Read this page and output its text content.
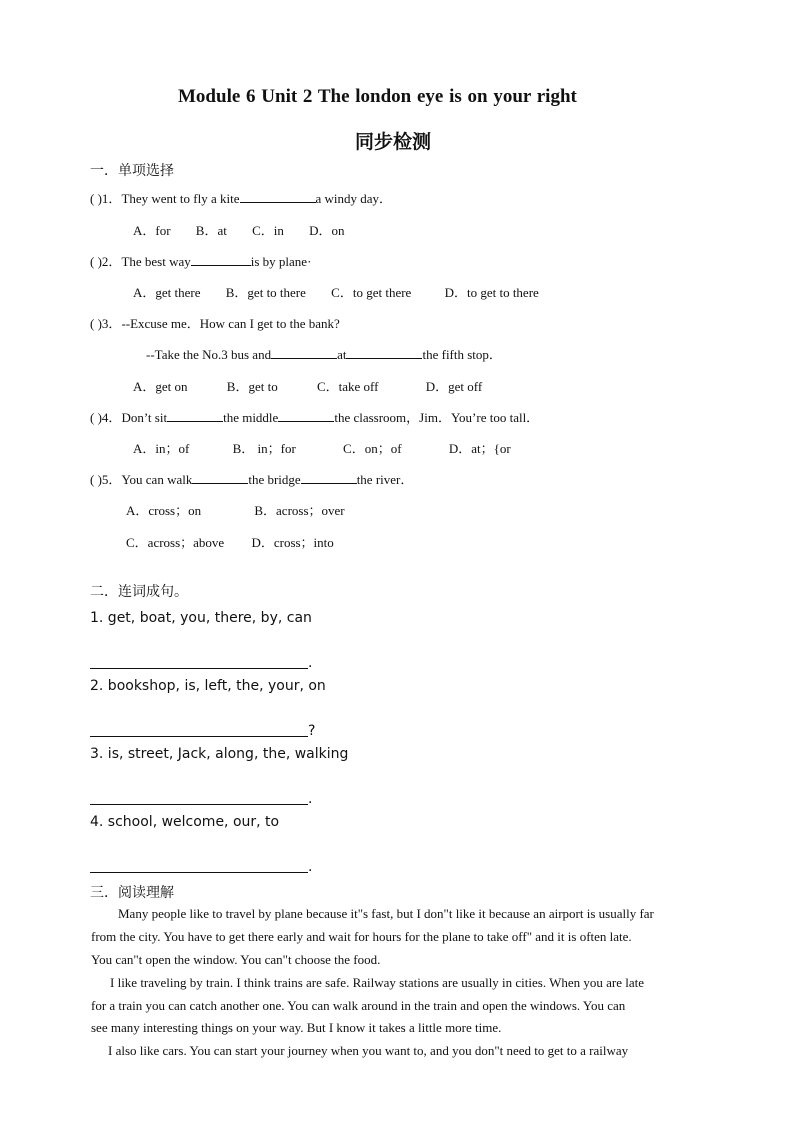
Module 6 Unit 2 The london eye is on your right
同步检测
一．单项选择
( )1．They went to fly a kite	a windy day．
A．for B．at C．in D．on
( )2．The best way	is by plane·
A．get there B．get to there C．to get there	D．to get to there
( )3．--Excuse me．How can I get to the bank?
--Take the No.3 bus and	at	the fifth stop．
A．get on	B．get to	C．take off	D．get off
( )4．Don’t sit	the middle	the classroom，Jim．You’re too tall．
A．in；of	B． in；for	C．on；of	D．at；{or
( )5．You can walk	the bridge	the river．
A．cross；on	B．across；over
C．across；above D．cross；into
二．连词成句。
1. get, boat, you, there, by, can
.
2. bookshop, is, left, the, your, on
?
3. is, street, Jack, along, the, walking
.
4. school, welcome, our, to
.
三．阅读理解
Many people like to travel by plane because it"s fast, but I don"t like it because an airport is usually far
from the city. You have to get there early and wait for hours for the plane to take off" and it is often late.
You can"t open the window. You can"t choose the food.
I like traveling by train. I think trains are safe. Railway stations are usually in cities. When you are late
for a train you can catch another one. You can walk around in the train and open the windows. You can
see many interesting things on your way. But I know it takes a little more time.
I also like cars. You can start your journey when you want to, and you don"t need to get to a railway
